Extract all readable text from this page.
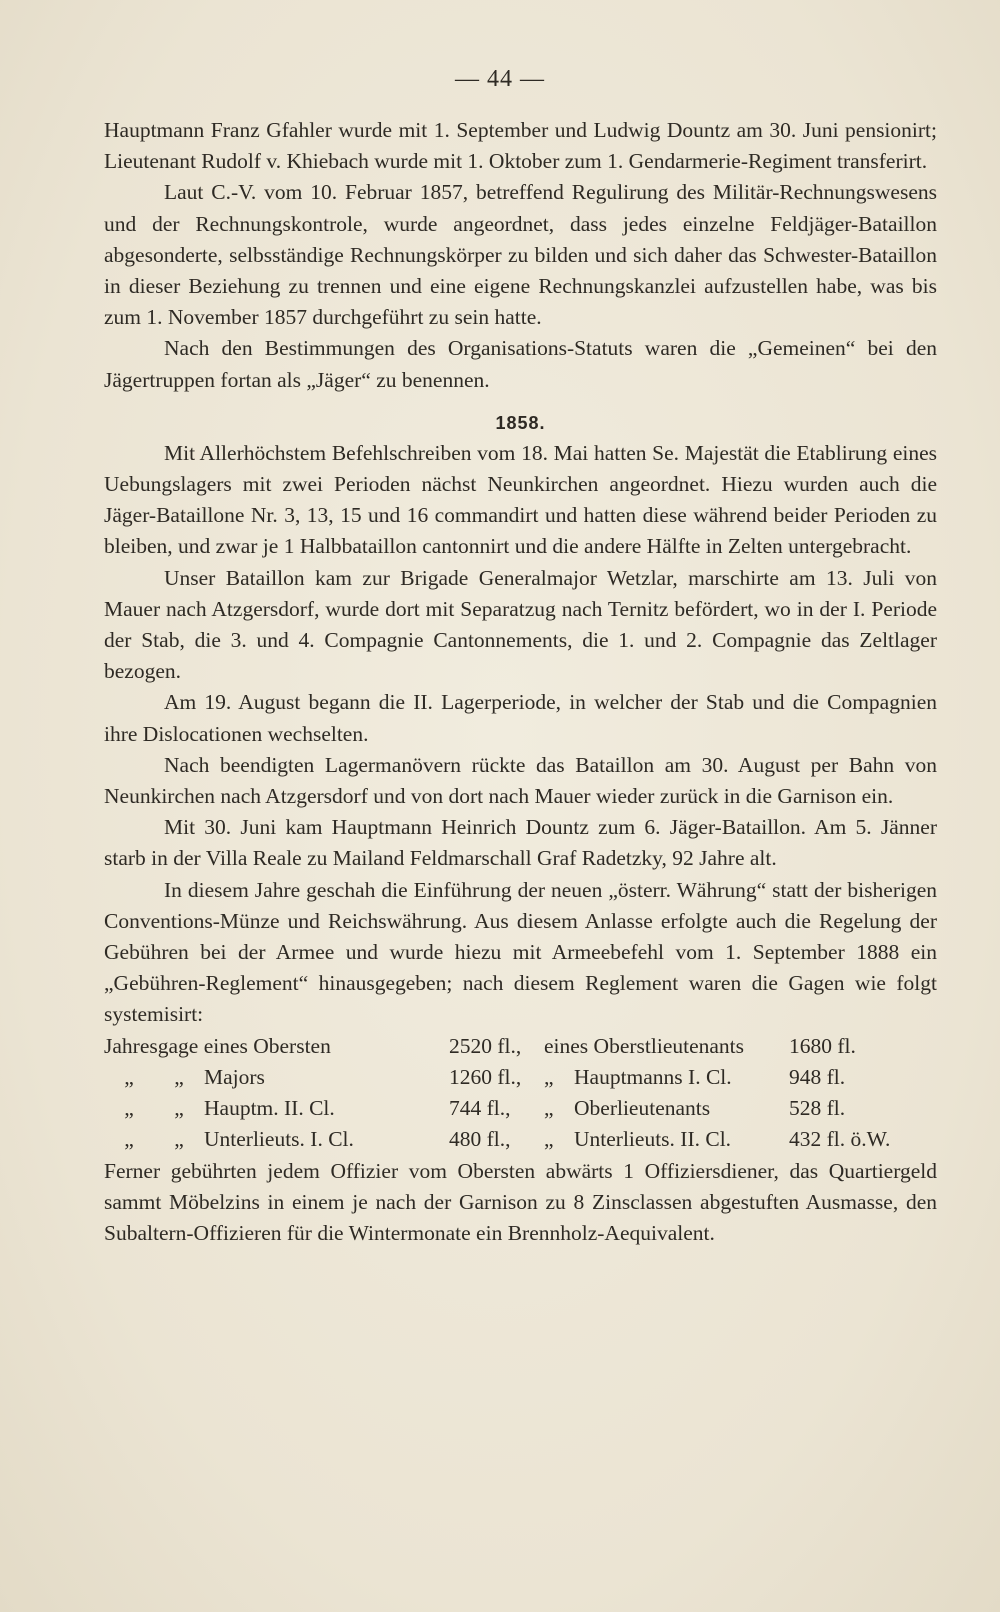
— 44 —

Hauptmann Franz Gfahler wurde mit 1. September und Ludwig Dountz am 30. Juni pensionirt; Lieutenant Rudolf v. Khiebach wurde mit 1. Oktober zum 1. Gendarmerie-Regiment transferirt.

Laut C.-V. vom 10. Februar 1857, betreffend Regulirung des Militär-Rechnungswesens und der Rechnungskontrole, wurde angeordnet, dass jedes einzelne Feldjäger-Bataillon abgesonderte, selbsständige Rechnungskörper zu bilden und sich daher das Schwester-Bataillon in dieser Beziehung zu trennen und eine eigene Rechnungskanzlei aufzustellen habe, was bis zum 1. November 1857 durchgeführt zu sein hatte.

Nach den Bestimmungen des Organisations-Statuts waren die „Gemeinen“ bei den Jägertruppen fortan als „Jäger“ zu benennen.

1858.

Mit Allerhöchstem Befehlschreiben vom 18. Mai hatten Se. Majestät die Etablirung eines Uebungslagers mit zwei Perioden nächst Neunkirchen angeordnet. Hiezu wurden auch die Jäger-Bataillone Nr. 3, 13, 15 und 16 commandirt und hatten diese während beider Perioden zu bleiben, und zwar je 1 Halbbataillon cantonnirt und die andere Hälfte in Zelten untergebracht.

Unser Bataillon kam zur Brigade Generalmajor Wetzlar, marschirte am 13. Juli von Mauer nach Atzgersdorf, wurde dort mit Separatzug nach Ternitz befördert, wo in der I. Periode der Stab, die 3. und 4. Compagnie Cantonnements, die 1. und 2. Compagnie das Zeltlager bezogen.

Am 19. August begann die II. Lagerperiode, in welcher der Stab und die Compagnien ihre Dislocationen wechselten.

Nach beendigten Lagermanövern rückte das Bataillon am 30. August per Bahn von Neunkirchen nach Atzgersdorf und von dort nach Mauer wieder zurück in die Garnison ein.

Mit 30. Juni kam Hauptmann Heinrich Dountz zum 6. Jäger-Bataillon. Am 5. Jänner starb in der Villa Reale zu Mailand Feldmarschall Graf Radetzky, 92 Jahre alt.

In diesem Jahre geschah die Einführung der neuen „österr. Währung“ statt der bisherigen Conventions-Münze und Reichswährung. Aus diesem Anlasse erfolgte auch die Regelung der Gebühren bei der Armee und wurde hiezu mit Armeebefehl vom 1. September 1888 ein „Gebühren-Reglement“ hinausgegeben; nach diesem Reglement waren die Gagen wie folgt systemisirt:

Jahresgage eines Obersten	2520 fl.,	eines Oberstlieutenants	1680 fl.
„ „ Majors	1260 fl.,	„ Hauptmanns I. Cl.	948 fl.
„ „ Hauptm. II. Cl.	744 fl.,	„ Oberlieutenants	528 fl.
„ „ Unterlieuts. I. Cl.	480 fl.,	„ Unterlieuts. II. Cl.	432 fl. ö.W.

Ferner gebührten jedem Offizier vom Obersten abwärts 1 Offiziersdiener, das Quartiergeld sammt Möbelzins in einem je nach der Garnison zu 8 Zinsclassen abgestuften Ausmasse, den Subaltern-Offizieren für die Wintermonate ein Brennholz-Aequivalent.
